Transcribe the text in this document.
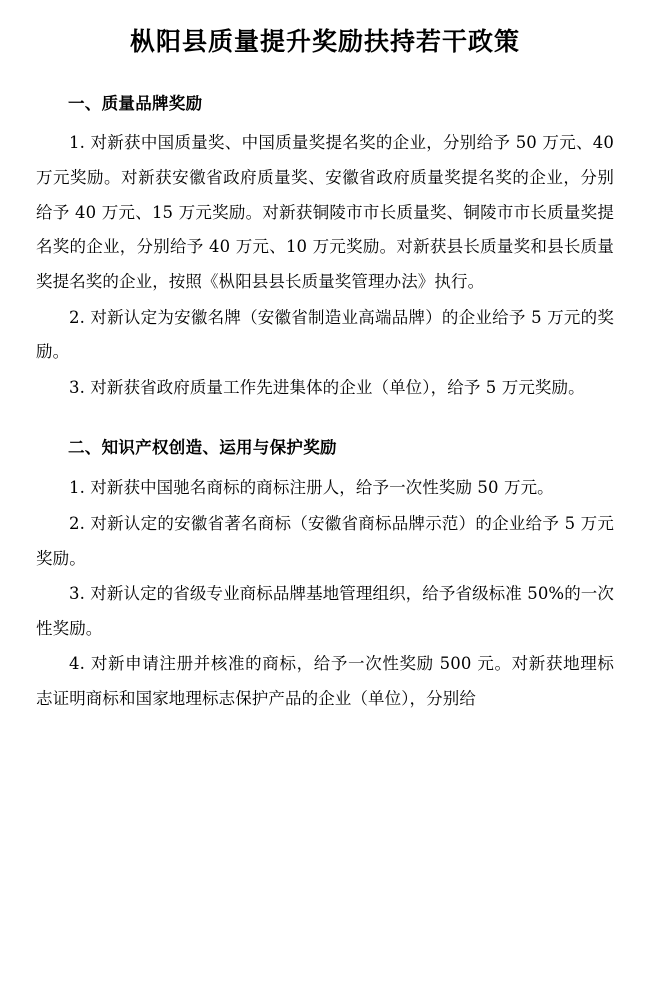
枞阳县质量提升奖励扶持若干政策
一、质量品牌奖励

1. 对新获中国质量奖、中国质量奖提名奖的企业，分别给予 50 万元、40 万元奖励。对新获安徽省政府质量奖、安徽省政府质量奖提名奖的企业，分别给予 40 万元、15 万元奖励。对新获铜陵市市长质量奖、铜陵市市长质量奖提名奖的企业，分别给予 40 万元、10 万元奖励。对新获县长质量奖和县长质量奖提名奖的企业，按照《枞阳县县长质量奖管理办法》执行。

2. 对新认定为安徽名牌（安徽省制造业高端品牌）的企业给予 5 万元的奖励。

3. 对新获省政府质量工作先进集体的企业（单位），给予 5 万元奖励。

二、知识产权创造、运用与保护奖励

1. 对新获中国驰名商标的商标注册人，给予一次性奖励 50 万元。

2. 对新认定的安徽省著名商标（安徽省商标品牌示范）的企业给予 5 万元奖励。

3. 对新认定的省级专业商标品牌基地管理组织，给予省级标准 50%的一次性奖励。

4. 对新申请注册并核准的商标，给予一次性奖励 500 元。对新获地理标志证明商标和国家地理标志保护产品的企业（单位），分别给
